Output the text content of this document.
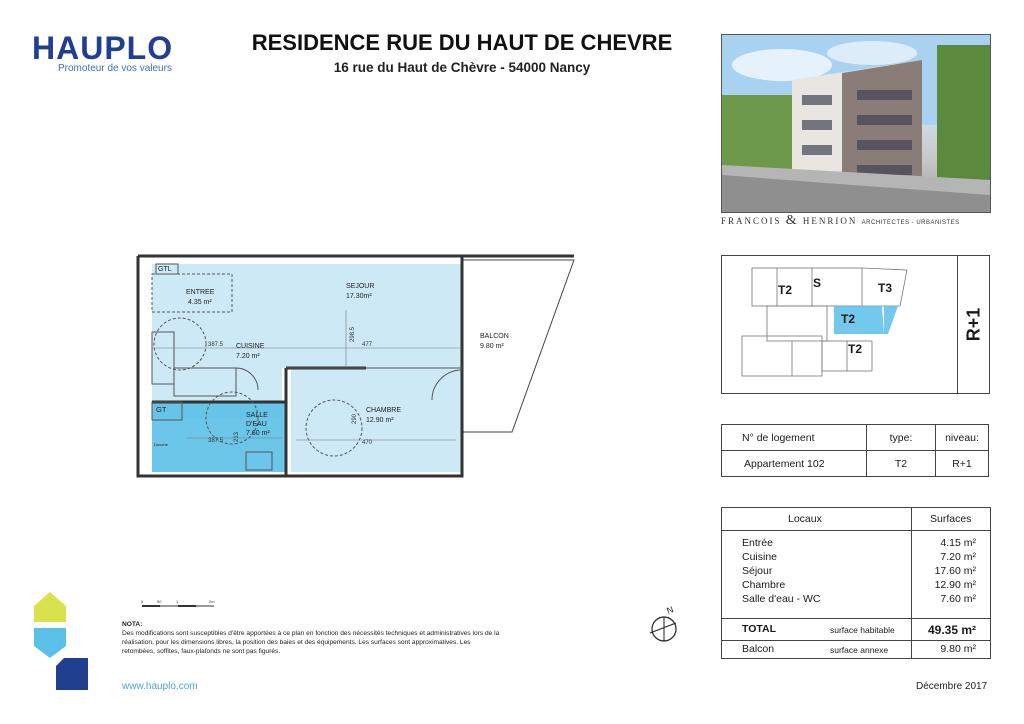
HAUPLO
Promoteur de vos valeurs
RESIDENCE RUE DU HAUT DE CHEVRE
16 rue du Haut de Chèvre - 54000 Nancy
FRANCOIS & HENRION ARCHITECTES - URBANISTES
T2 S	T3
T2
T2
R+1
N° de logement	type:	niveau:
Appartement 102	T2	R+1
Locaux	Surfaces
Entrée	4.15 m²
Cuisine	7.20 m²
Séjour	17.60 m²
Chambre	12.90 m²
Salle d'eau - WC	7.60 m²
TOTAL	surface habitable	49.35 m²
Balcon	surface annexe	9.80 m²
GTL
GT
Douche
ENTREE
4.35 m²
SEJOUR
17.30m²
CUISINE
7.20 m²
SALLE
D'EAU
7.60 m²
CHAMBRE
12.90 m²
BALCON
9.80 m²
387.5
298.5
477
387.5 213
290
470
0	50	1	2m
N
NOTA:
Des modifications sont susceptibles d'être apportées à ce plan en fonction des nécessités techniques et administratives lors de la réalisation, pour les dimensions libres, la position des baies et des équipements. Les surfaces sont approximatives. Les retombées, soffites, faux-plafonds ne sont pas figurés.
www.hauplo.com	Décembre 2017
